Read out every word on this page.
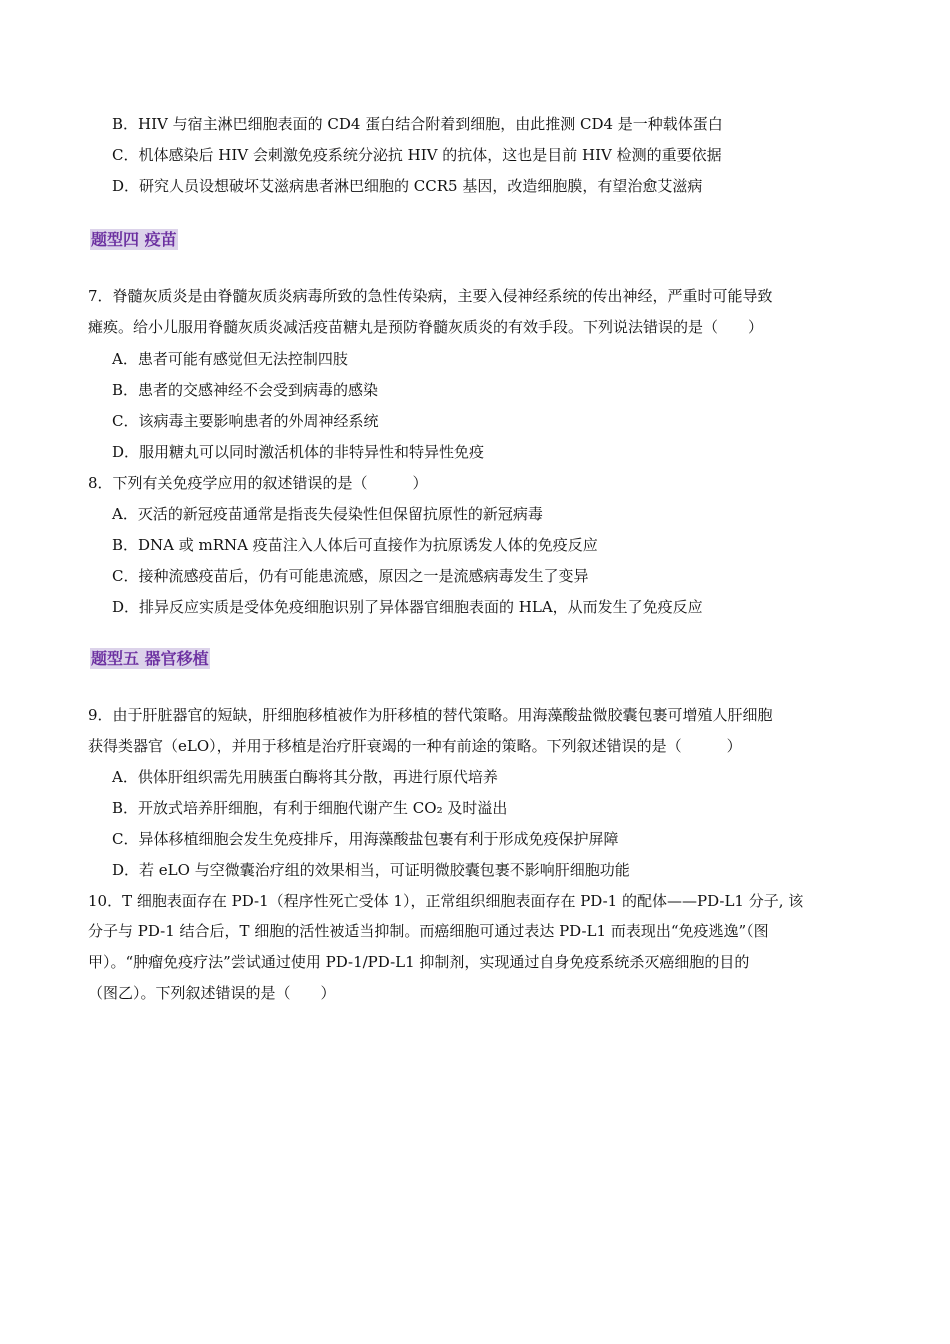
B．HIV 与宿主淋巴细胞表面的 CD4 蛋白结合附着到细胞，由此推测 CD4 是一种载体蛋白
C．机体感染后 HIV 会刺激免疫系统分泌抗 HIV 的抗体，这也是目前 HIV 检测的重要依据
D．研究人员设想破坏艾滋病患者淋巴细胞的 CCR5 基因，改造细胞膜，有望治愈艾滋病
题型四 疫苗
7．脊髓灰质炎是由脊髓灰质炎病毒所致的急性传染病，主要入侵神经系统的传出神经，严重时可能导致
瘫痪。给小儿服用脊髓灰质炎减活疫苗糖丸是预防脊髓灰质炎的有效手段。下列说法错误的是（　　）
A．患者可能有感觉但无法控制四肢
B．患者的交感神经不会受到病毒的感染
C．该病毒主要影响患者的外周神经系统
D．服用糖丸可以同时激活机体的非特异性和特异性免疫
8．下列有关免疫学应用的叙述错误的是（　　　）
A．灭活的新冠疫苗通常是指丧失侵染性但保留抗原性的新冠病毒
B．DNA 或 mRNA 疫苗注入人体后可直接作为抗原诱发人体的免疫反应
C．接种流感疫苗后，仍有可能患流感，原因之一是流感病毒发生了变异
D．排异反应实质是受体免疫细胞识别了异体器官细胞表面的 HLA，从而发生了免疫反应
题型五 器官移植
9．由于肝脏器官的短缺，肝细胞移植被作为肝移植的替代策略。用海藻酸盐微胶囊包裹可增殖人肝细胞
获得类器官（eLO），并用于移植是治疗肝衰竭的一种有前途的策略。下列叙述错误的是（　　　）
A．供体肝组织需先用胰蛋白酶将其分散，再进行原代培养
B．开放式培养肝细胞，有利于细胞代谢产生 CO₂ 及时溢出
C．异体移植细胞会发生免疫排斥，用海藻酸盐包裹有利于形成免疫保护屏障
D．若 eLO 与空微囊治疗组的效果相当，可证明微胶囊包裹不影响肝细胞功能
10．T 细胞表面存在 PD-1（程序性死亡受体 1），正常组织细胞表面存在 PD-1 的配体——PD-L1 分子, 该
分子与 PD-1 结合后，T 细胞的活性被适当抑制。而癌细胞可通过表达 PD-L1 而表现出“免疫逃逸”（图
甲）。“肿瘤免疫疗法”尝试通过使用 PD-1/PD-L1 抑制剂，实现通过自身免疫系统杀灭癌细胞的目的
（图乙）。下列叙述错误的是（　　）
